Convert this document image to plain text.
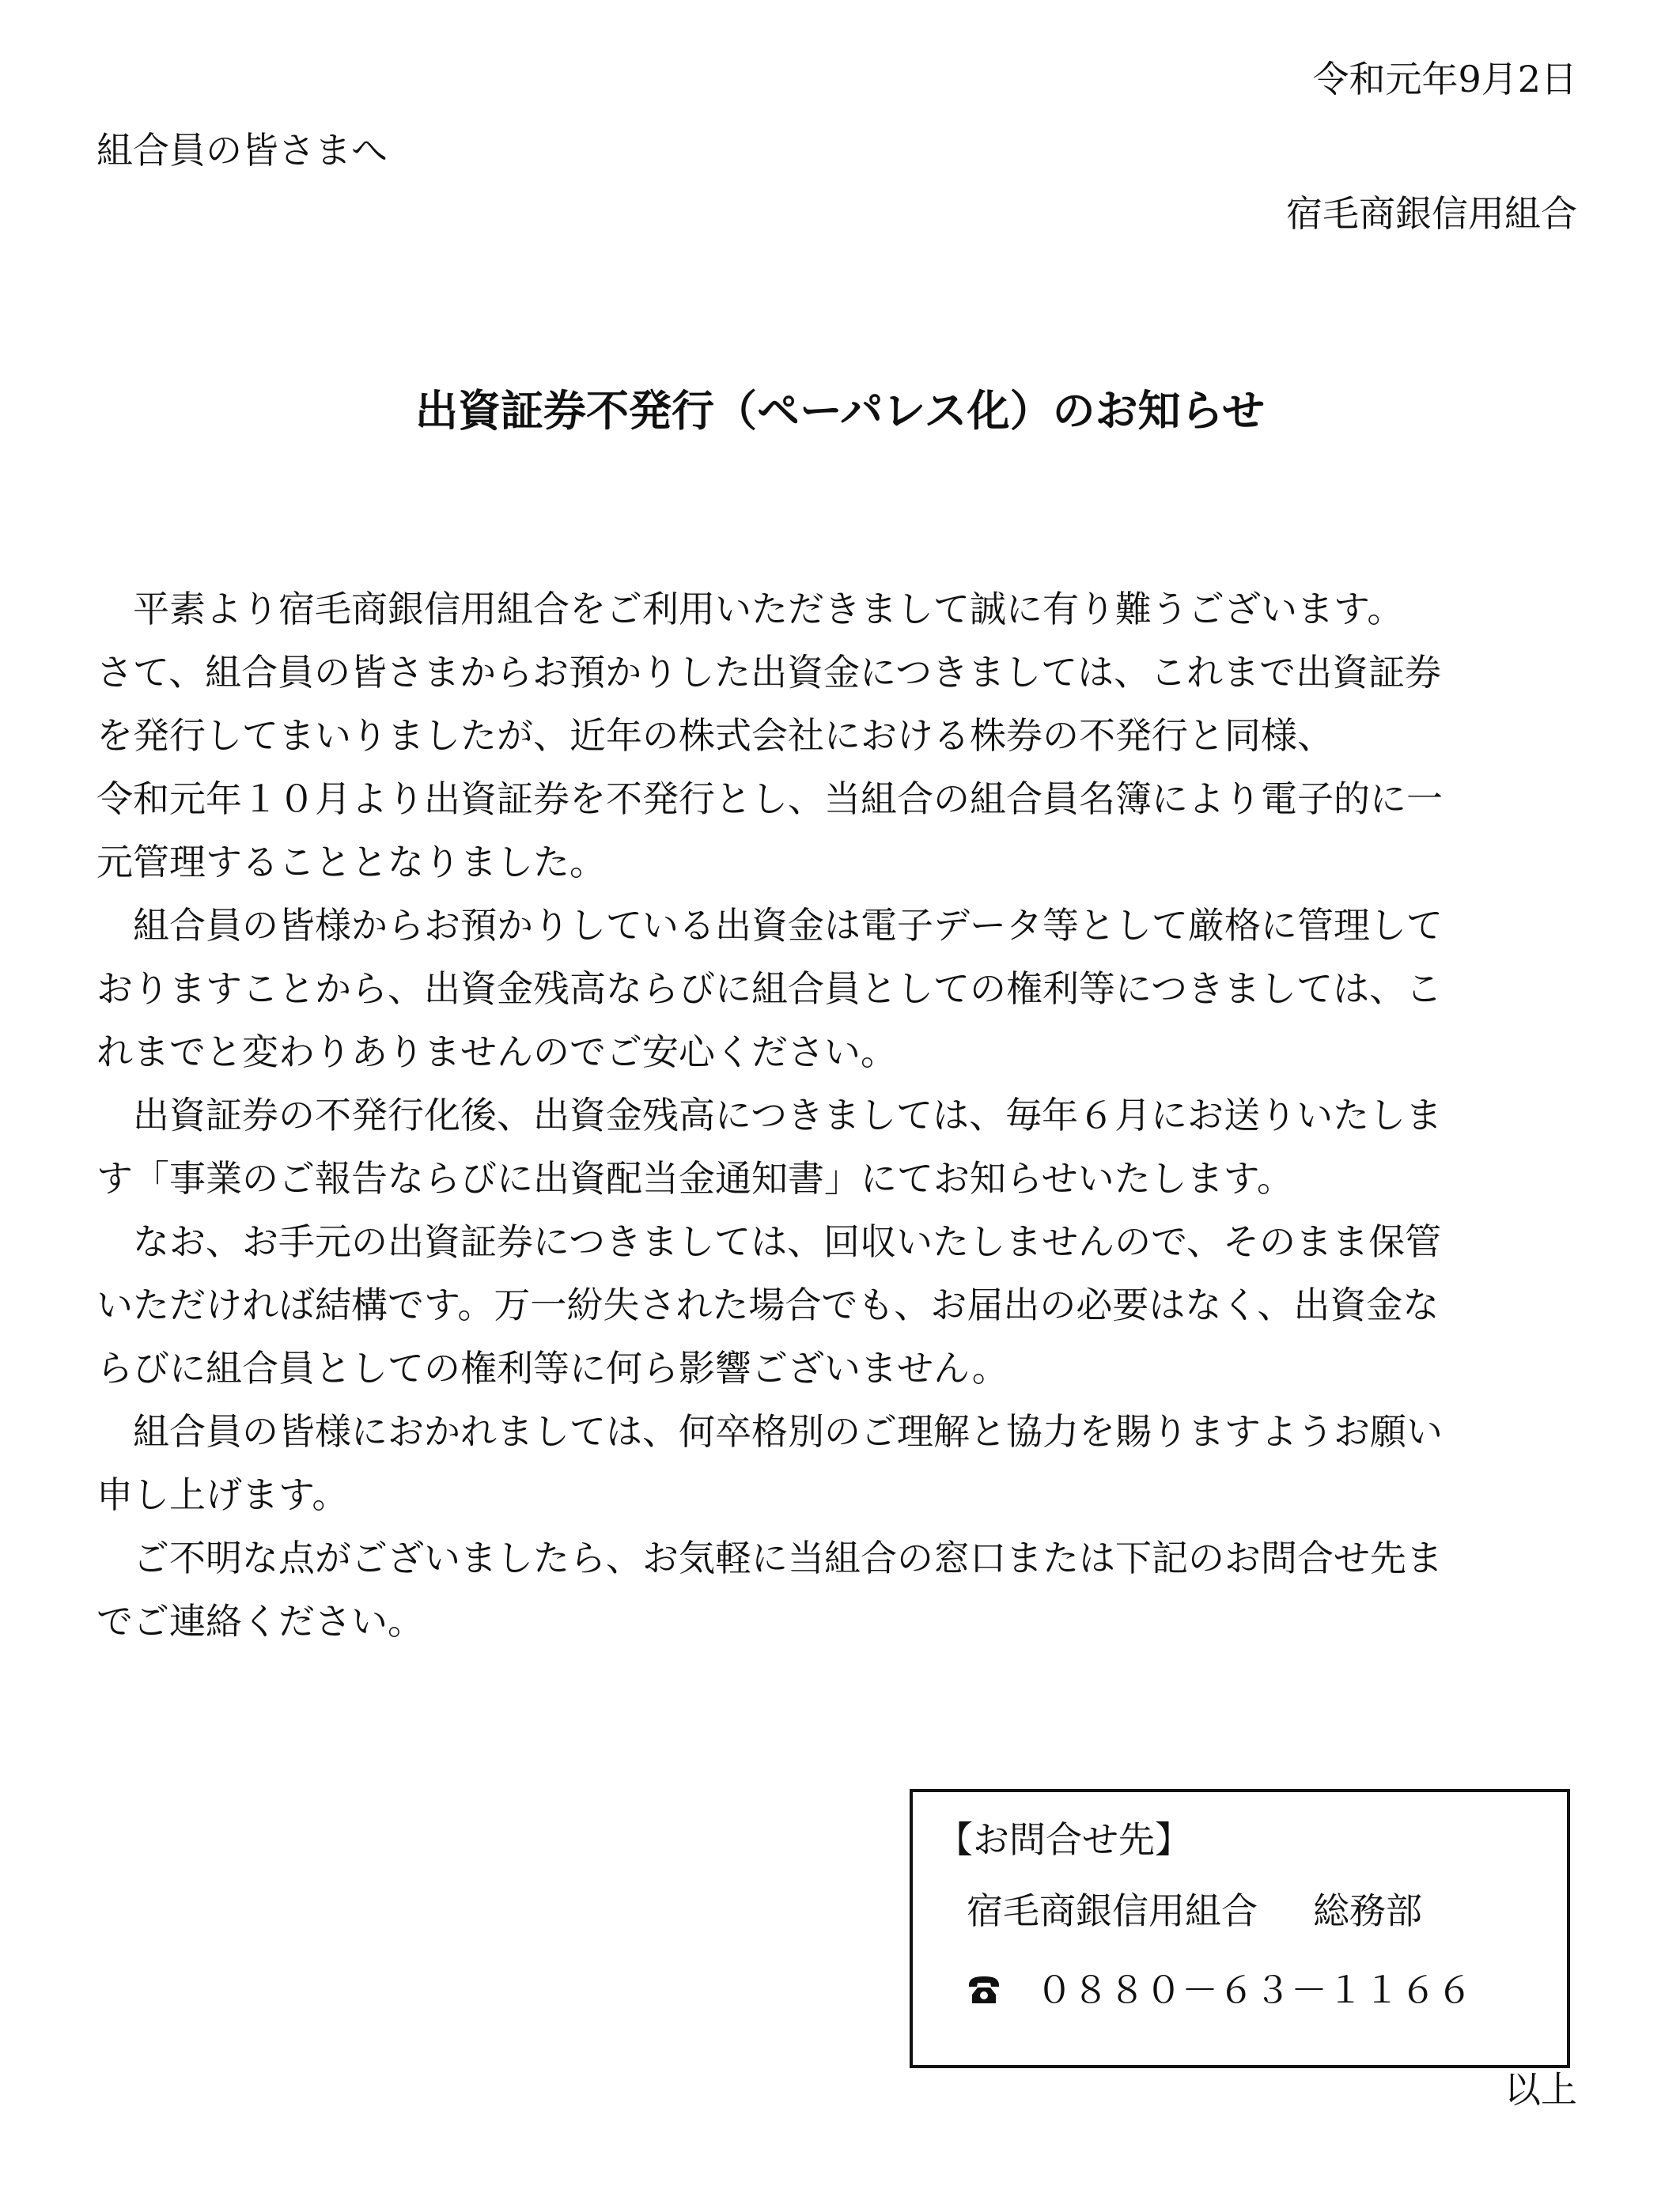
令和元年9月2日
組合員の皆さまへ
宿毛商銀信用組合
出資証券不発行（ペーパレス化）のお知らせ
　平素より宿毛商銀信用組合をご利用いただきまして誠に有り難うございます。
さて、組合員の皆さまからお預かりした出資金につきましては、これまで出資証券
を発行してまいりましたが、近年の株式会社における株券の不発行と同様、
令和元年１０月より出資証券を不発行とし、当組合の組合員名簿により電子的に一
元管理することとなりました。
　組合員の皆様からお預かりしている出資金は電子データ等として厳格に管理して
おりますことから、出資金残高ならびに組合員としての権利等につきましては、こ
れまでと変わりありませんのでご安心ください。
　出資証券の不発行化後、出資金残高につきましては、毎年６月にお送りいたしま
す「事業のご報告ならびに出資配当金通知書」にてお知らせいたします。
　なお、お手元の出資証券につきましては、回収いたしませんので、そのまま保管
いただければ結構です。万一紛失された場合でも、お届出の必要はなく、出資金な
らびに組合員としての権利等に何ら影響ございません。
　組合員の皆様におかれましては、何卒格別のご理解と協力を賜りますようお願い
申し上げます。
　ご不明な点がございましたら、お気軽に当組合の窓口または下記のお問合せ先ま
でご連絡ください。
【お問合せ先】
宿毛商銀信用組合 総務部
０８８０－６３－１１６６
以上
